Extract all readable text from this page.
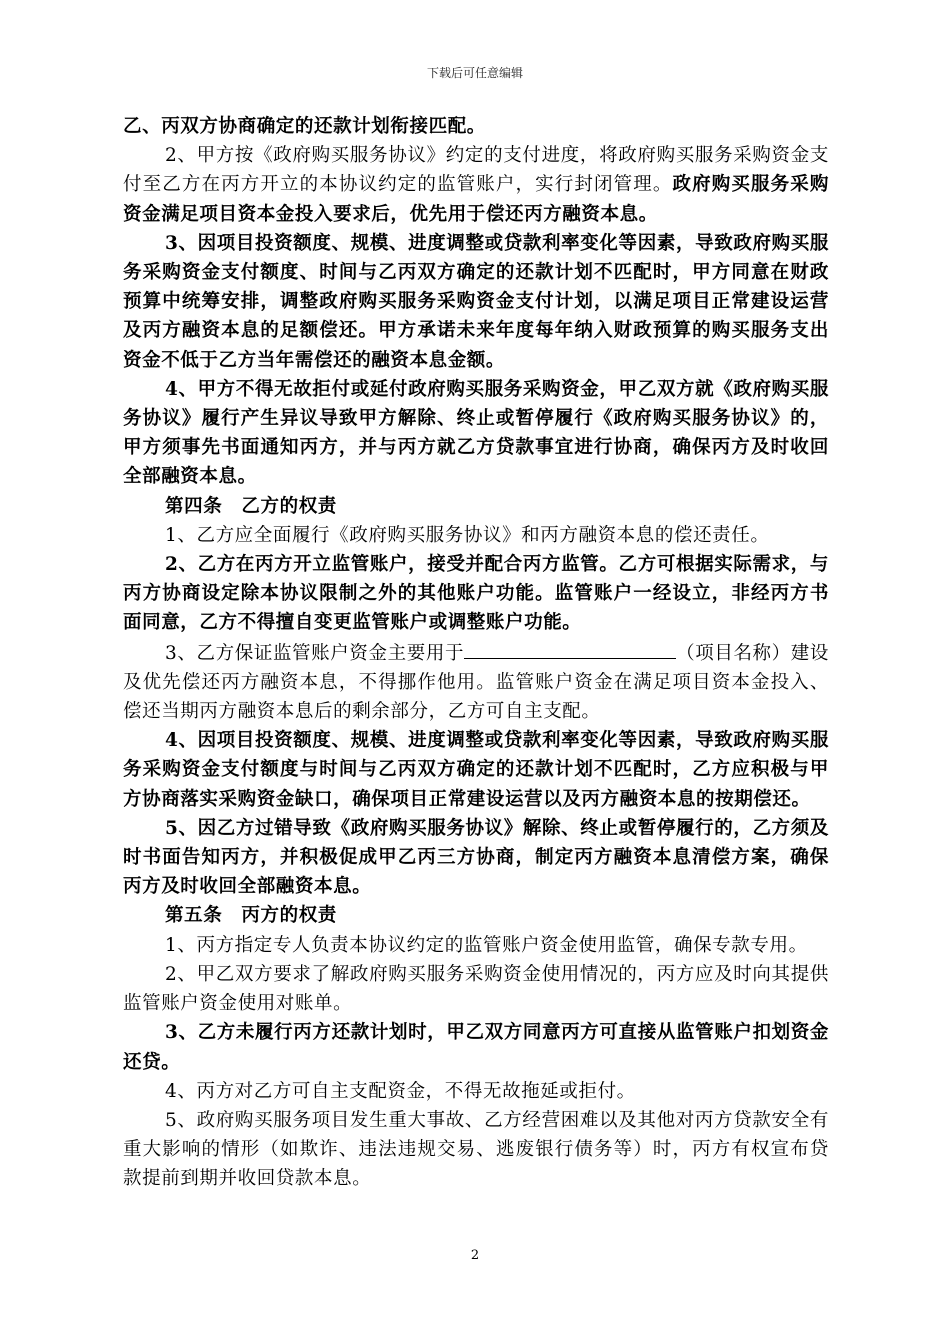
下载后可任意编辑

乙、丙双方协商确定的还款计划衔接匹配。

2、甲方按《政府购买服务协议》约定的支付进度，将政府购买服务采购资金支付至乙方在丙方开立的本协议约定的监管账户，实行封闭管理。政府购买服务采购资金满足项目资本金投入要求后，优先用于偿还丙方融资本息。

3、因项目投资额度、规模、进度调整或贷款利率变化等因素，导致政府购买服务采购资金支付额度、时间与乙丙双方确定的还款计划不匹配时，甲方同意在财政预算中统筹安排，调整政府购买服务采购资金支付计划，以满足项目正常建设运营及丙方融资本息的足额偿还。甲方承诺未来年度每年纳入财政预算的购买服务支出资金不低于乙方当年需偿还的融资本息金额。

4、甲方不得无故拒付或延付政府购买服务采购资金，甲乙双方就《政府购买服务协议》履行产生异议导致甲方解除、终止或暂停履行《政府购买服务协议》的，甲方须事先书面通知丙方，并与丙方就乙方贷款事宜进行协商，确保丙方及时收回全部融资本息。

第四条　乙方的权责

1、乙方应全面履行《政府购买服务协议》和丙方融资本息的偿还责任。

2、乙方在丙方开立监管账户，接受并配合丙方监管。乙方可根据实际需求，与丙方协商设定除本协议限制之外的其他账户功能。监管账户一经设立，非经丙方书面同意，乙方不得擅自变更监管账户或调整账户功能。

3、乙方保证监管账户资金主要用于	（项目名称）建设及优先偿还丙方融资本息，不得挪作他用。监管账户资金在满足项目资本金投入、偿还当期丙方融资本息后的剩余部分，乙方可自主支配。

4、因项目投资额度、规模、进度调整或贷款利率变化等因素，导致政府购买服务采购资金支付额度与时间与乙丙双方确定的还款计划不匹配时，乙方应积极与甲方协商落实采购资金缺口，确保项目正常建设运营以及丙方融资本息的按期偿还。

5、因乙方过错导致《政府购买服务协议》解除、终止或暂停履行的，乙方须及时书面告知丙方，并积极促成甲乙丙三方协商，制定丙方融资本息清偿方案，确保丙方及时收回全部融资本息。

第五条　丙方的权责

1、丙方指定专人负责本协议约定的监管账户资金使用监管，确保专款专用。

2、甲乙双方要求了解政府购买服务采购资金使用情况的，丙方应及时向其提供监管账户资金使用对账单。

3、乙方未履行丙方还款计划时，甲乙双方同意丙方可直接从监管账户扣划资金还贷。

4、丙方对乙方可自主支配资金，不得无故拖延或拒付。

5、政府购买服务项目发生重大事故、乙方经营困难以及其他对丙方贷款安全有重大影响的情形（如欺诈、违法违规交易、逃废银行债务等）时，丙方有权宣布贷款提前到期并收回贷款本息。

2
